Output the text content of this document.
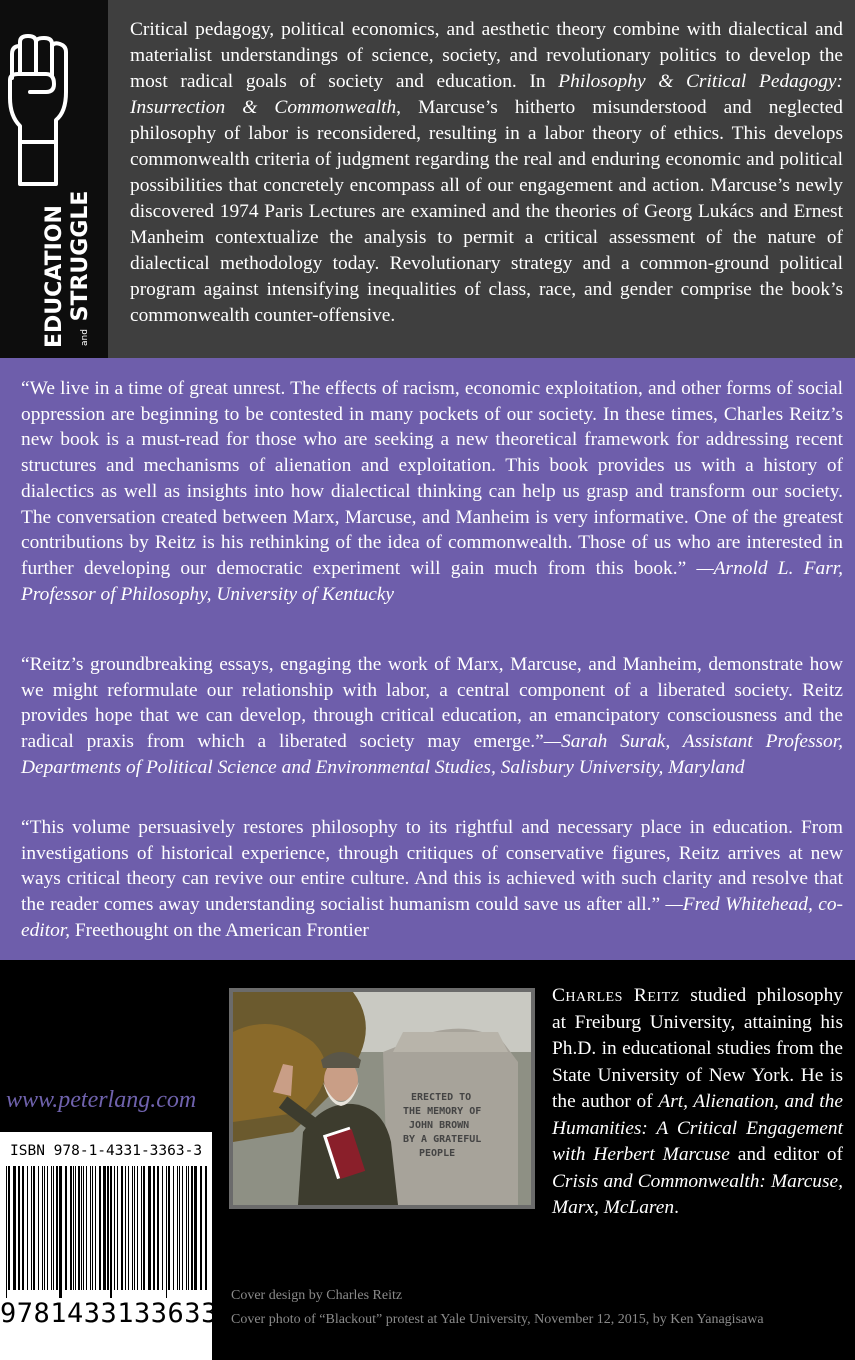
EDUCATION	and STRUGGLE

Critical pedagogy, political economics, and aesthetic theory combine with dialectical and materialist understandings of science, society, and revolutionary politics to develop the most radical goals of society and education. In Philosophy & Critical Pedagogy: Insurrection & Commonwealth, Marcuse’s hitherto misunderstood and neglected philosophy of labor is reconsidered, resulting in a labor theory of ethics. This develops commonwealth criteria of judgment regarding the real and enduring economic and political possibilities that concretely encompass all of our engagement and action. Marcuse’s newly discovered 1974 Paris Lectures are examined and the theories of Georg Lukács and Ernest Manheim contextualize the analysis to permit a critical assessment of the nature of dialectical methodology today. Revolutionary strategy and a common-ground political program against intensifying inequalities of class, race, and gender comprise the book’s commonwealth counter-offensive.

“We live in a time of great unrest. The effects of racism, economic exploitation, and other forms of social oppression are beginning to be contested in many pockets of our society. In these times, Charles Reitz’s new book is a must-read for those who are seeking a new theoretical framework for addressing recent structures and mechanisms of alienation and exploitation. This book provides us with a history of dialectics as well as insights into how dialectical thinking can help us grasp and transform our society. The conversation created between Marx, Marcuse, and Manheim is very informative. One of the greatest contributions by Reitz is his rethinking of the idea of commonwealth. Those of us who are interested in further developing our democratic experiment will gain much from this book.” —Arnold L. Farr, Professor of Philosophy, University of Kentucky

“Reitz’s groundbreaking essays, engaging the work of Marx, Marcuse, and Manheim, demonstrate how we might reformulate our relationship with labor, a central component of a liberated society. Reitz provides hope that we can develop, through critical education, an emancipatory consciousness and the radical praxis from which a liberated society may emerge.”—Sarah Surak, Assistant Professor, Departments of Political Science and Environmental Studies, Salisbury University, Maryland

“This volume persuasively restores philosophy to its rightful and necessary place in education. From investigations of historical experience, through critiques of conservative figures, Reitz arrives at new ways critical theory can revive our entire culture. And this is achieved with such clarity and resolve that the reader comes away understanding socialist humanism could save us after all.” —Fred Whitehead, co-editor, Freethought on the American Frontier

www.peterlang.com
ISBN 978-1-4331-3363-3
9781433133633
ERECTED TO
THE MEMORY OF
JOHN BROWN
BY A GRATEFUL
PEOPLE

Charles Reitz studied philosophy at Freiburg University, attaining his Ph.D. in educational studies from the State University of New York. He is the author of Art, Alienation, and the Humanities: A Critical Engagement with Herbert Marcuse and editor of Crisis and Commonwealth: Marcuse, Marx, McLaren.

Cover design by Charles Reitz
Cover photo of “Blackout” protest at Yale University, November 12, 2015, by Ken Yanagisawa
